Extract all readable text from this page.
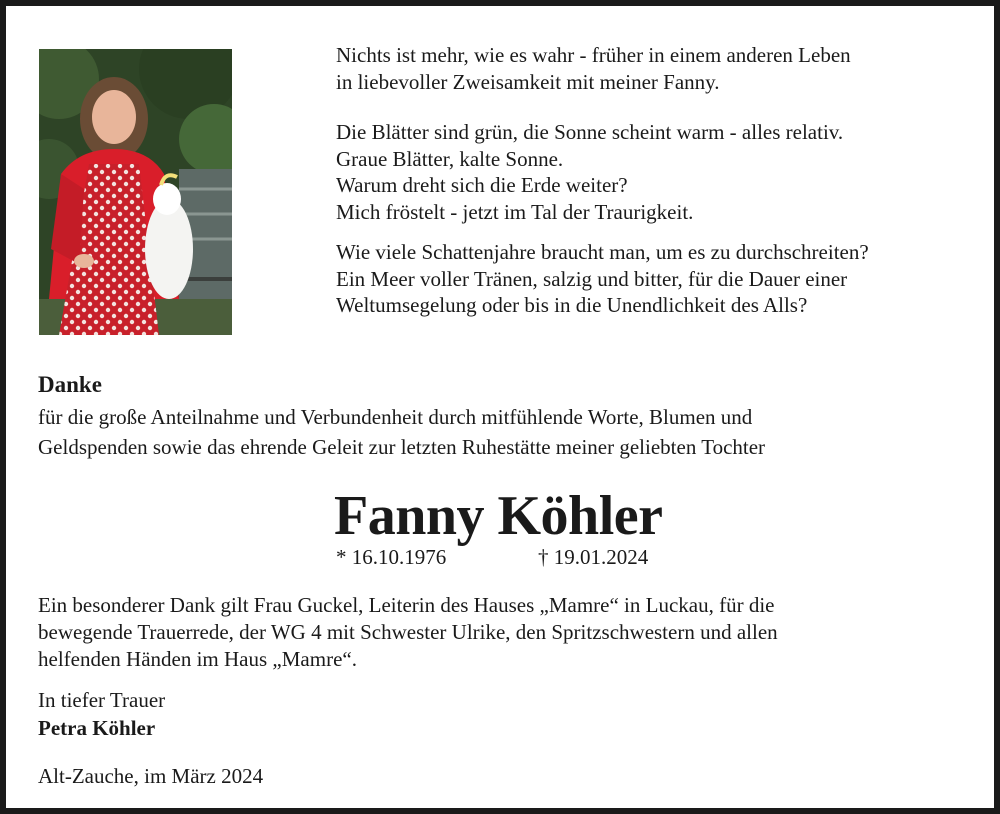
Nichts ist mehr, wie es wahr - früher in einem anderen Leben
in liebevoller Zweisamkeit mit meiner Fanny.

Die Blätter sind grün, die Sonne scheint warm - alles relativ.
Graue Blätter, kalte Sonne.
Warum dreht sich die Erde weiter?
Mich fröstelt - jetzt im Tal der Traurigkeit.

Wie viele Schattenjahre braucht man, um es zu durchschreiten?
Ein Meer voller Tränen, salzig und bitter, für die Dauer einer
Weltumsegelung oder bis in die Unendlichkeit des Alls?

Danke
für die große Anteilnahme und Verbundenheit durch mitfühlende Worte, Blumen und
Geldspenden sowie das ehrende Geleit zur letzten Ruhestätte meiner geliebten Tochter
Fanny Köhler
* 16.10.1976	† 19.01.2024
Ein besonderer Dank gilt Frau Guckel, Leiterin des Hauses „Mamre“ in Luckau, für die
bewegende Trauerrede, der WG 4 mit Schwester Ulrike, den Spritzschwestern und allen
helfenden Händen im Haus „Mamre“.
In tiefer Trauer
Petra Köhler
Alt-Zauche, im März 2024
